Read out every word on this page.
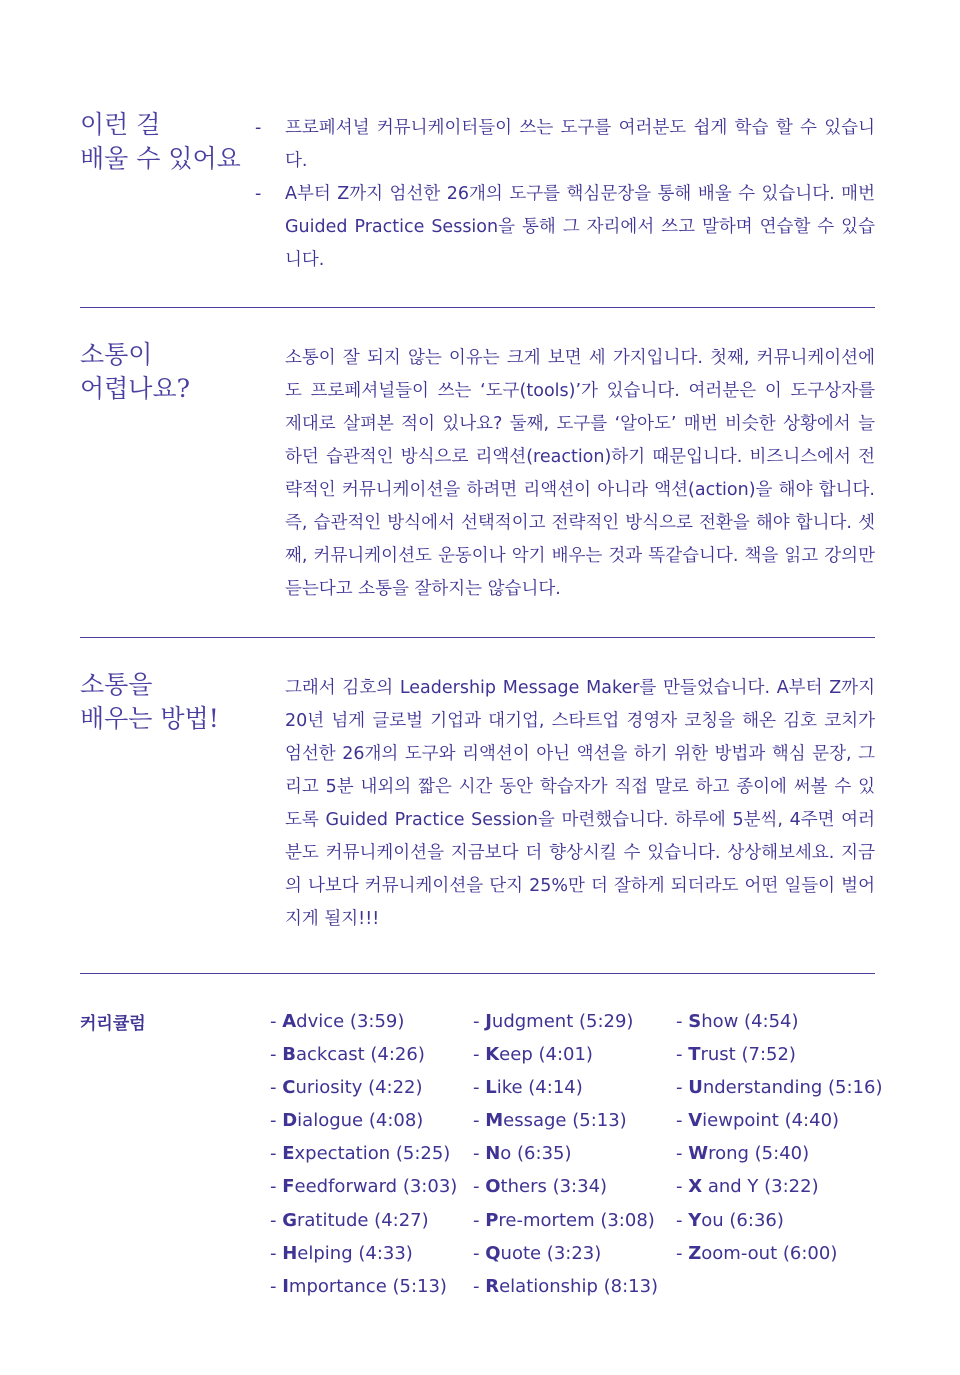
이런 걸
배울 수 있어요
- 프로페셔널 커뮤니케이터들이 쓰는 도구를 여러분도 쉽게 학습 할 수 있습니다.
- A부터 Z까지 엄선한 26개의 도구를 핵심문장을 통해 배울 수 있습니다. 매번 Guided Practice Session을 통해 그 자리에서 쓰고 말하며 연습할 수 있습니다.
소통이
어렵나요?
소통이 잘 되지 않는 이유는 크게 보면 세 가지입니다. 첫째, 커뮤니케이션에도 프로페셔널들이 쓰는 ‘도구(tools)’가 있습니다. 여러분은 이 도구상자를 제대로 살펴본 적이 있나요? 둘째, 도구를 ‘알아도’ 매번 비슷한 상황에서 늘 하던 습관적인 방식으로 리액션(reaction)하기 때문입니다. 비즈니스에서 전략적인 커뮤니케이션을 하려면 리액션이 아니라 액션(action)을 해야 합니다. 즉, 습관적인 방식에서 선택적이고 전략적인 방식으로 전환을 해야 합니다. 셋째, 커뮤니케이션도 운동이나 악기 배우는 것과 똑같습니다. 책을 읽고 강의만 듣는다고 소통을 잘하지는 않습니다.
소통을
배우는 방법!
그래서 김호의 Leadership Message Maker를 만들었습니다. A부터 Z까지 20년 넘게 글로벌 기업과 대기업, 스타트업 경영자 코칭을 해온 김호 코치가 엄선한 26개의 도구와 리액션이 아닌 액션을 하기 위한 방법과 핵심 문장, 그리고 5분 내외의 짧은 시간 동안 학습자가 직접 말로 하고 종이에 써볼 수 있도록 Guided Practice Session을 마련했습니다. 하루에 5분씩, 4주면 여러분도 커뮤니케이션을 지금보다 더 향상시킬 수 있습니다. 상상해보세요. 지금의 나보다 커뮤니케이션을 단지 25%만 더 잘하게 되더라도 어떤 일들이 벌어지게 될지!!!
커리큘럼	- Advice (3:59)
- Backcast (4:26)
- Curiosity (4:22)
- Dialogue (4:08)
- Expectation (5:25)
- Feedforward (3:03)
- Gratitude (4:27)
- Helping (4:33)
- Importance (5:13)
- Judgment (5:29)
- Keep (4:01)
- Like (4:14)
- Message (5:13)
- No (6:35)
- Others (3:34)
- Pre-mortem (3:08)
- Quote (3:23)
- Relationship (8:13)
- Show (4:54)
- Trust (7:52)
- Understanding (5:16)
- Viewpoint (4:40)
- Wrong (5:40)
- X and Y (3:22)
- You (6:36)
- Zoom-out (6:00)
